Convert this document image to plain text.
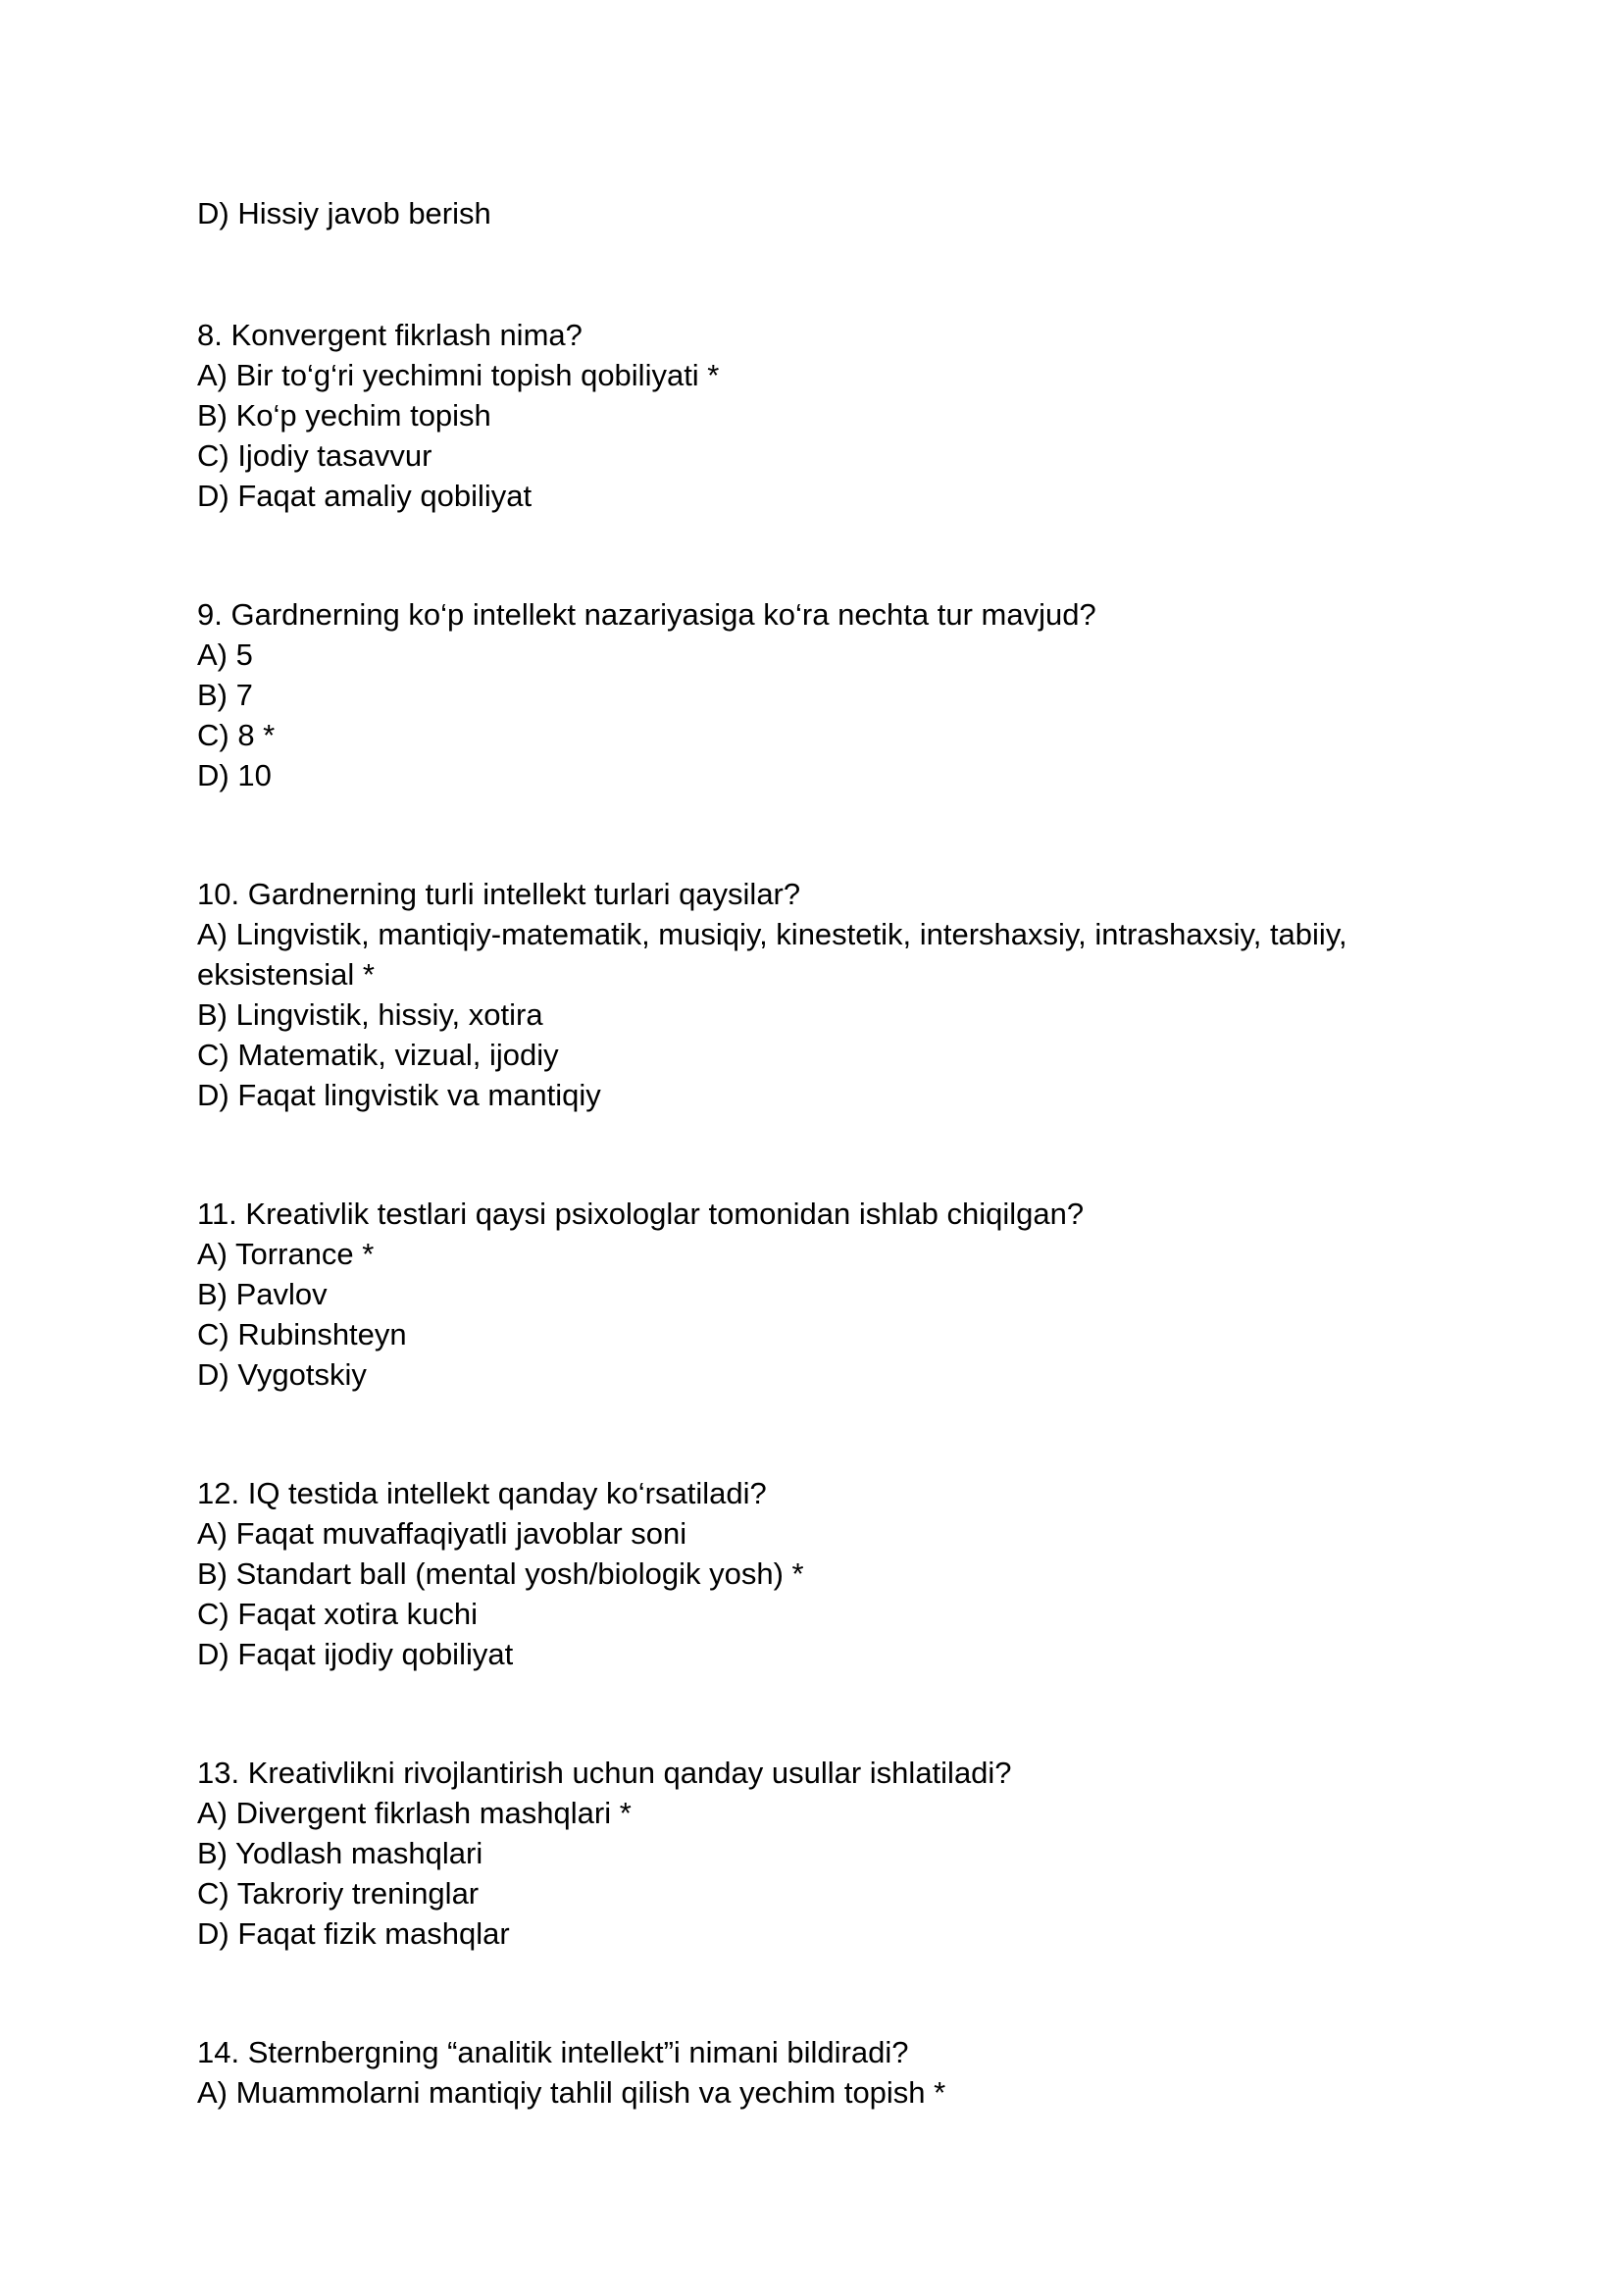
D) Hissiy javob berish
8. Konvergent fikrlash nima?
A) Bir to‘g‘ri yechimni topish qobiliyati *
B) Ko‘p yechim topish
C) Ijodiy tasavvur
D) Faqat amaliy qobiliyat
9. Gardnerning ko‘p intellekt nazariyasiga ko‘ra nechta tur mavjud?
A) 5
B) 7
C) 8 *
D) 10
10. Gardnerning turli intellekt turlari qaysilar?
A) Lingvistik, mantiqiy-matematik, musiqiy, kinestetik, intershaxsiy, intrashaxsiy, tabiiy,
eksistensial *
B) Lingvistik, hissiy, xotira
C) Matematik, vizual, ijodiy
D) Faqat lingvistik va mantiqiy
11. Kreativlik testlari qaysi psixologlar tomonidan ishlab chiqilgan?
A) Torrance *
B) Pavlov
C) Rubinshteyn
D) Vygotskiy
12. IQ testida intellekt qanday ko‘rsatiladi?
A) Faqat muvaffaqiyatli javoblar soni
B) Standart ball (mental yosh/biologik yosh) *
C) Faqat xotira kuchi
D) Faqat ijodiy qobiliyat
13. Kreativlikni rivojlantirish uchun qanday usullar ishlatiladi?
A) Divergent fikrlash mashqlari *
B) Yodlash mashqlari
C) Takroriy treninglar
D) Faqat fizik mashqlar
14. Sternbergning “analitik intellekt”i nimani bildiradi?
A) Muammolarni mantiqiy tahlil qilish va yechim topish *
